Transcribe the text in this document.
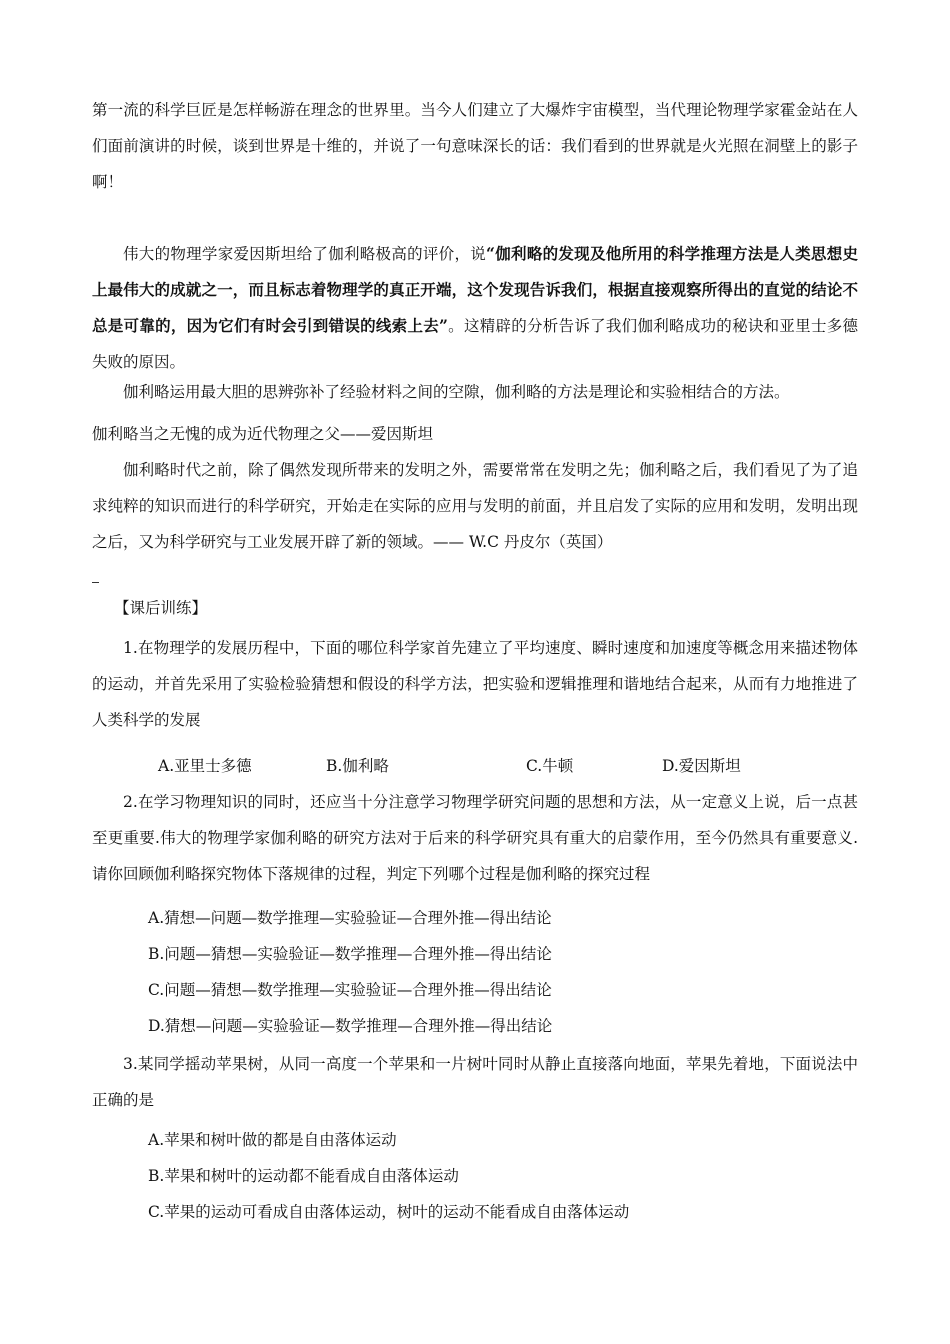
第一流的科学巨匠是怎样畅游在理念的世界里。当今人们建立了大爆炸宇宙模型，当代理论物理学家霍金站在人们面前演讲的时候，谈到世界是十维的，并说了一句意味深长的话：我们看到的世界就是火光照在洞壁上的影子啊！

伟大的物理学家爱因斯坦给了伽利略极高的评价，说“伽利略的发现及他所用的科学推理方法是人类思想史上最伟大的成就之一，而且标志着物理学的真正开端，这个发现告诉我们，根据直接观察所得出的直觉的结论不总是可靠的，因为它们有时会引到错误的线索上去”。这精辟的分析告诉了我们伽利略成功的秘诀和亚里士多德失败的原因。

伽利略运用最大胆的思辨弥补了经验材料之间的空隙，伽利略的方法是理论和实验相结合的方法。

伽利略当之无愧的成为近代物理之父——爱因斯坦

伽利略时代之前，除了偶然发现所带来的发明之外，需要常常在发明之先；伽利略之后，我们看见了为了追求纯粹的知识而进行的科学研究，开始走在实际的应用与发明的前面，并且启发了实际的应用和发明，发明出现之后，又为科学研究与工业发展开辟了新的领域。—— W.C 丹皮尔（英国）

【课后训练】

1.在物理学的发展历程中，下面的哪位科学家首先建立了平均速度、瞬时速度和加速度等概念用来描述物体的运动，并首先采用了实验检验猜想和假设的科学方法，把实验和逻辑推理和谐地结合起来，从而有力地推进了人类科学的发展

A.亚里士多德	B.伽利略	C.牛顿	D.爱因斯坦

2.在学习物理知识的同时，还应当十分注意学习物理学研究问题的思想和方法，从一定意义上说，后一点甚至更重要.伟大的物理学家伽利略的研究方法对于后来的科学研究具有重大的启蒙作用，至今仍然具有重要意义.请你回顾伽利略探究物体下落规律的过程，判定下列哪个过程是伽利略的探究过程

A.猜想—问题—数学推理—实验验证—合理外推—得出结论
B.问题—猜想—实验验证—数学推理—合理外推—得出结论
C.问题—猜想—数学推理—实验验证—合理外推—得出结论
D.猜想—问题—实验验证—数学推理—合理外推—得出结论

3.某同学摇动苹果树，从同一高度一个苹果和一片树叶同时从静止直接落向地面，苹果先着地，下面说法中正确的是

A.苹果和树叶做的都是自由落体运动
B.苹果和树叶的运动都不能看成自由落体运动
C.苹果的运动可看成自由落体运动，树叶的运动不能看成自由落体运动
